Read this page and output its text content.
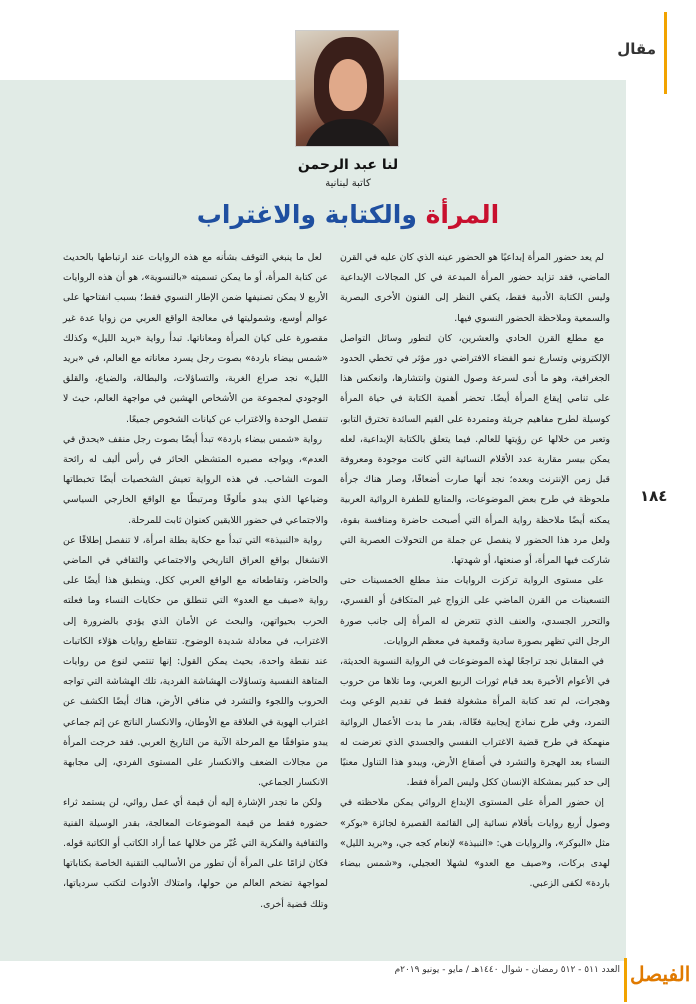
مقال
لنا عبد الرحمن
كاتبة لبنانية
المرأة والكتابة والاغتراب

لم يعد حضور المرأة إبداعيًا هو الحضور عينه الذي كان عليه في القرن الماضي، فقد تزايد حضور المرأة المبدعة في كل المجالات الإبداعية وليس الكتابة الأدبية فقط، يكفي النظر إلى الفنون الأخرى البصرية والسمعية وملاحظة الحضور النسوي فيها.

مع مطلع القرن الحادي والعشرين، كان لتطور وسائل التواصل الإلكتروني وتسارع نمو الفضاء الافتراضي دور مؤثر في تخطي الحدود الجغرافية، وهو ما أدى لسرعة وصول الفنون وانتشارها، وانعكس هذا على تنامي إيقاع المرأة أيضًا. تحضر أهمية الكتابة في حياة المرأة كوسيلة لطرح مفاهيم جريئة ومتمردة على القيم السائدة تخترق التابو، وتعبر من خلالها عن رؤيتها للعالم. فيما يتعلق بالكتابة الإبداعية، لعله يمكن بيسر مقاربة عدد الأقلام النسائية التي كانت موجودة ومعروفة قبل زمن الإنترنت وبعده؛ نجد أنها صارت أضعافًا، وصار هناك جرأة ملحوظة في طرح بعض الموضوعات، والمتابع للطفرة الروائية العربية يمكنه أيضًا ملاحظة رواية المرأة التي أصبحت حاضرة ومنافسة بقوة، ولعل مرد هذا الحضور لا ينفصل عن جملة من التحولات العصرية التي شاركت فيها المرأة، أو صنعتها، أو شهدتها.

على مستوى الرواية تركزت الروايات منذ مطلع الخمسينات حتى التسعينات من القرن الماضي على الزواج غير المتكافئ أو القسري، والتحرر الجسدي، والعنف الذي تتعرض له المرأة إلى جانب صورة الرجل التي تظهر بصورة سادية وقمعية في معظم الروايات.

في المقابل نجد تراجعًا لهذه الموضوعات في الرواية النسوية الحديثة، في الأعوام الأخيرة بعد قيام ثورات الربيع العربي، وما تلاها من حروب وهجرات، لم تعد كتابة المرأة مشغولة فقط في تقديم الوعي وبث التمرد، وفي طرح نماذج إيجابية فعّالة، بقدر ما بدت الأعمال الروائية منهمكة في طرح قضية الاغتراب النفسي والجسدي الذي تعرضت له النساء بعد الهجرة والتشرد في أصقاع الأرض، ويبدو هذا التناول معنيًا إلى حد كبير بمشكلة الإنسان ككل وليس المرأة فقط.

إن حضور المرأة على المستوى الإبداع الروائي يمكن ملاحظته في وصول أربع روايات بأقلام نسائية إلى القائمة القصيرة لجائزة «بوكر» مثل «البوكر»، والروايات هي: «النبيذة» لإنعام كجه جي، و«بريد الليل» لهدى بركات، و«صيف مع العدو» لشهلا العجيلي، و«شمس بيضاء باردة» لكفى الزعبي.

لعل ما ينبغي التوقف بشأنه مع هذه الروايات عند ارتباطها بالحديث عن كتابة المرأة، أو ما يمكن تسميته «بالنسوية»، هو أن هذه الروايات الأربع لا يمكن تصنيفها ضمن الإطار النسوي فقط؛ بسبب انفتاحها على عوالم أوسع، وشموليتها في معالجة الواقع العربي من زوايا عدة غير مقصورة على كيان المرأة ومعاناتها. تبدأ رواية «بريد الليل» وكذلك «شمس بيضاء باردة» بصوت رجل يسرد معاناته مع العالم، في «بريد الليل» نجد صراع الغربة، والتساؤلات، والبطالة، والضياع، والقلق الوجودي لمجموعة من الأشخاص الهشين في مواجهة العالم، حيث لا تنفصل الوحدة والاغتراب عن كيانات الشخوص جميعًا.

رواية «شمس بيضاء باردة» تبدأ أيضًا بصوت رجل منقف «يحدق في العدم»، ويواجه مصيره المتشظي الحائر في رأس أليف له رائحة الموت الشاحب. في هذه الرواية تعيش الشخصيات أيضًا تخبطاتها وضياعها الذي يبدو مألوفًا ومرتبطًا مع الواقع الخارجي السياسي والاجتماعي في حضور اللايقين كعنوان ثابت للمرحلة.

رواية «النبيذة» التي تبدأ مع حكاية بطلة امرأة، لا تنفصل إطلاقًا عن الانشغال بواقع العراق التاريخي والاجتماعي والثقافي في الماضي والحاضر، وتقاطعاته مع الواقع العربي ككل. وينطبق هذا أيضًا على رواية «صيف مع العدو» التي تنطلق من حكايات النساء وما فعلته الحرب بحيواتهن، والبحث عن الأمان الذي يؤدي بالضرورة إلى الاغتراب، في معادلة شديدة الوضوح. تتقاطع روايات هؤلاء الكاتبات عند نقطة واحدة، بحيث يمكن القول: إنها تنتمي لنوع من روايات المتاهة النفسية وتساؤلات الهشاشة الفردية، تلك الهشاشة التي تواجه الحروب واللجوء والتشرد في منافي الأرض، هناك أيضًا الكشف عن اغتراب الهوية في العلاقة مع الأوطان، والانكسار الناتج عن إثم جماعي يبدو متوافقًا مع المرحلة الآنية من التاريخ العربي. فقد خرجت المرأة من مجالات الضعف والانكسار على المستوى الفردي، إلى مجابهة الانكسار الجماعي.

ولكن ما تجدر الإشارة إليه أن قيمة أي عمل روائي، لن يستمد ثراء حضوره فقط من قيمة الموضوعات المعالجة، بقدر الوسيلة الفنية والثقافية والفكرية التي عُبّر من خلالها عما أراد الكاتب أو الكاتبة قوله. فكان لزامًا على المرأة أن تطور من الأساليب التقنية الخاصة بكتاباتها لمواجهة تضخم العالم من حولها، وامتلاك الأدوات لتكتب سردياتها، وتلك قضية أخرى.

١٨٤
العدد ٥١١ - ٥١٢ رمضان - شوال ١٤٤٠هـ / مايو - يونيو ٢٠١٩م الفيصل
